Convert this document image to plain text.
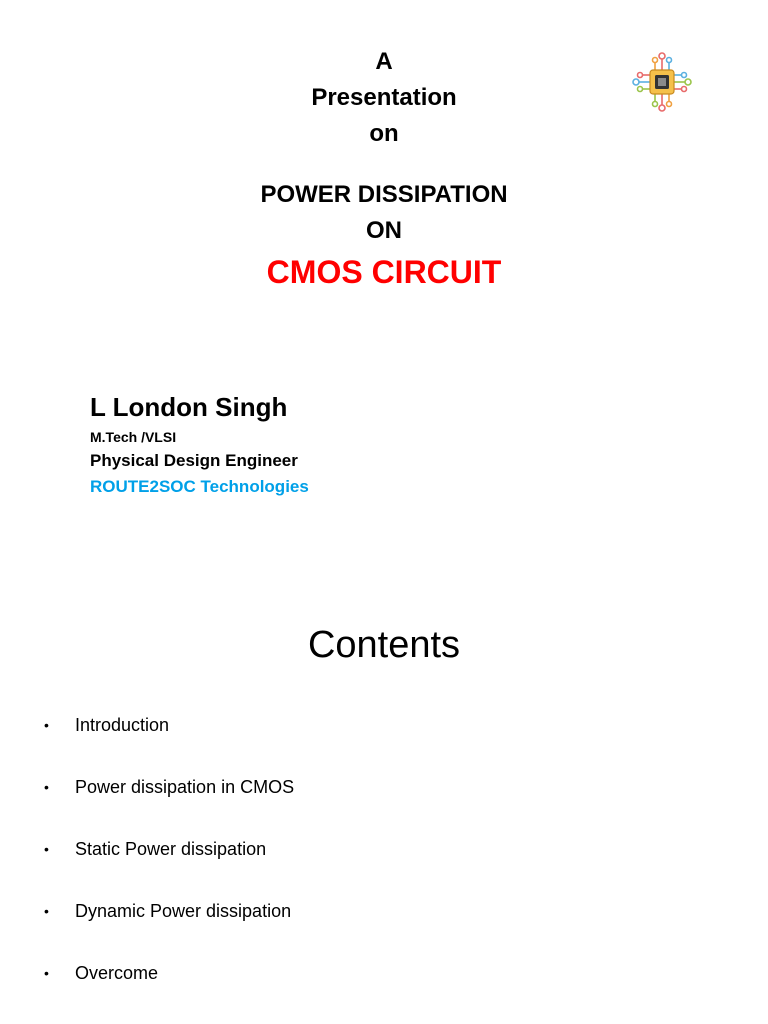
A
Presentation
on
POWER DISSIPATION
ON
CMOS CIRCUIT
L London Singh
M.Tech /VLSI
Physical Design Engineer
ROUTE2SOC Technologies
Contents
• Introduction
• Power dissipation in CMOS
• Static Power dissipation
• Dynamic Power dissipation
• Overcome
